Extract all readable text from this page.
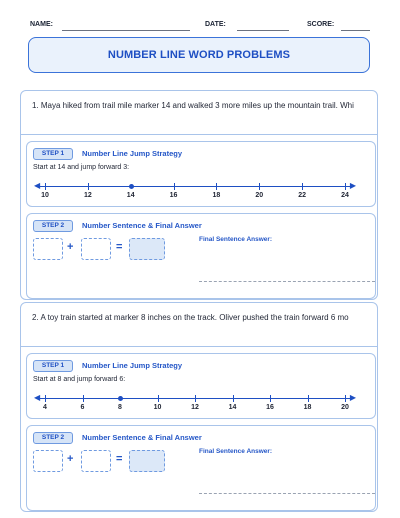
NAME:	DATE:	SCORE:
NUMBER LINE WORD PROBLEMS
1. Maya hiked from trail mile marker 14 and walked 3 more miles up the mountain trail. Whi
STEP 1	Number Line Jump Strategy
Start at 14 and jump forward 3:
◀	▶
10	12	14	16	18	20	22	24
STEP 2	Number Sentence & Final Answer
+	=
Final Sentence Answer:
2. A toy train started at marker 8 inches on the track. Oliver pushed the train forward 6 mo
STEP 1	Number Line Jump Strategy
Start at 8 and jump forward 6:
◀	▶
4	6	8	10	12	14	16	18	20
STEP 2	Number Sentence & Final Answer
+	=
Final Sentence Answer:
